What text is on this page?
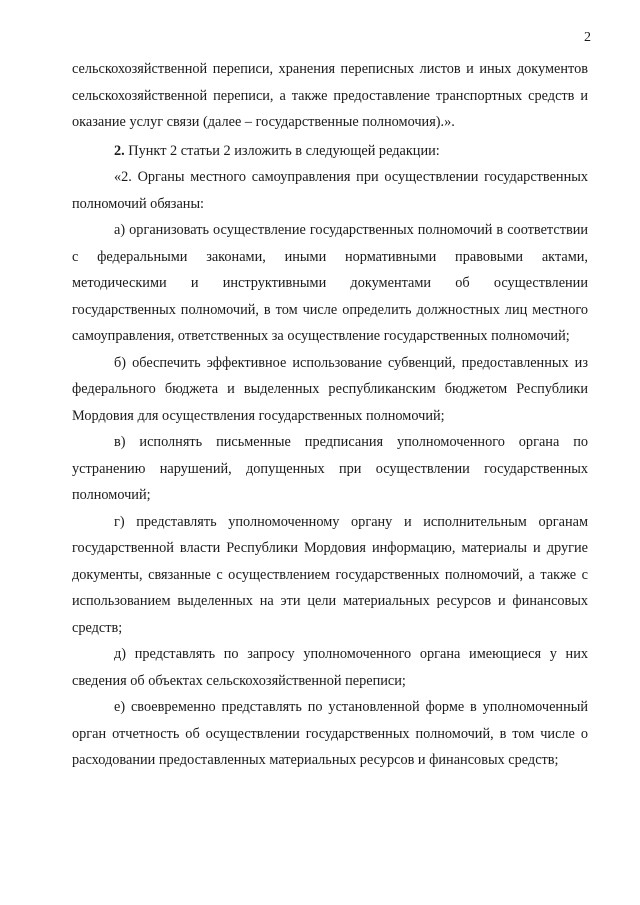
2

сельскохозяйственной переписи, хранения переписных листов и иных документов сельскохозяйственной переписи, а также предоставление транспортных средств и оказание услуг связи (далее – государственные полномочия).».

2. Пункт 2 статьи 2 изложить в следующей редакции:

«2. Органы местного самоуправления при осуществлении государственных полномочий обязаны:

а) организовать осуществление государственных полномочий в соответствии с федеральными законами, иными нормативными правовыми актами, методическими и инструктивными документами об осуществлении государственных полномочий, в том числе определить должностных лиц местного самоуправления, ответственных за осуществление государственных полномочий;

б) обеспечить эффективное использование субвенций, предоставленных из федерального бюджета и выделенных республиканским бюджетом Республики Мордовия для осуществления государственных полномочий;

в) исполнять письменные предписания уполномоченного органа по устранению нарушений, допущенных при осуществлении государственных полномочий;

г) представлять уполномоченному органу и исполнительным органам государственной власти Республики Мордовия информацию, материалы и другие документы, связанные с осуществлением государственных полномочий, а также с использованием выделенных на эти цели материальных ресурсов и финансовых средств;

д) представлять по запросу уполномоченного органа имеющиеся у них сведения об объектах сельскохозяйственной переписи;

е) своевременно представлять по установленной форме в уполномоченный орган отчетность об осуществлении государственных полномочий, в том числе о расходовании предоставленных материальных ресурсов и финансовых средств;
